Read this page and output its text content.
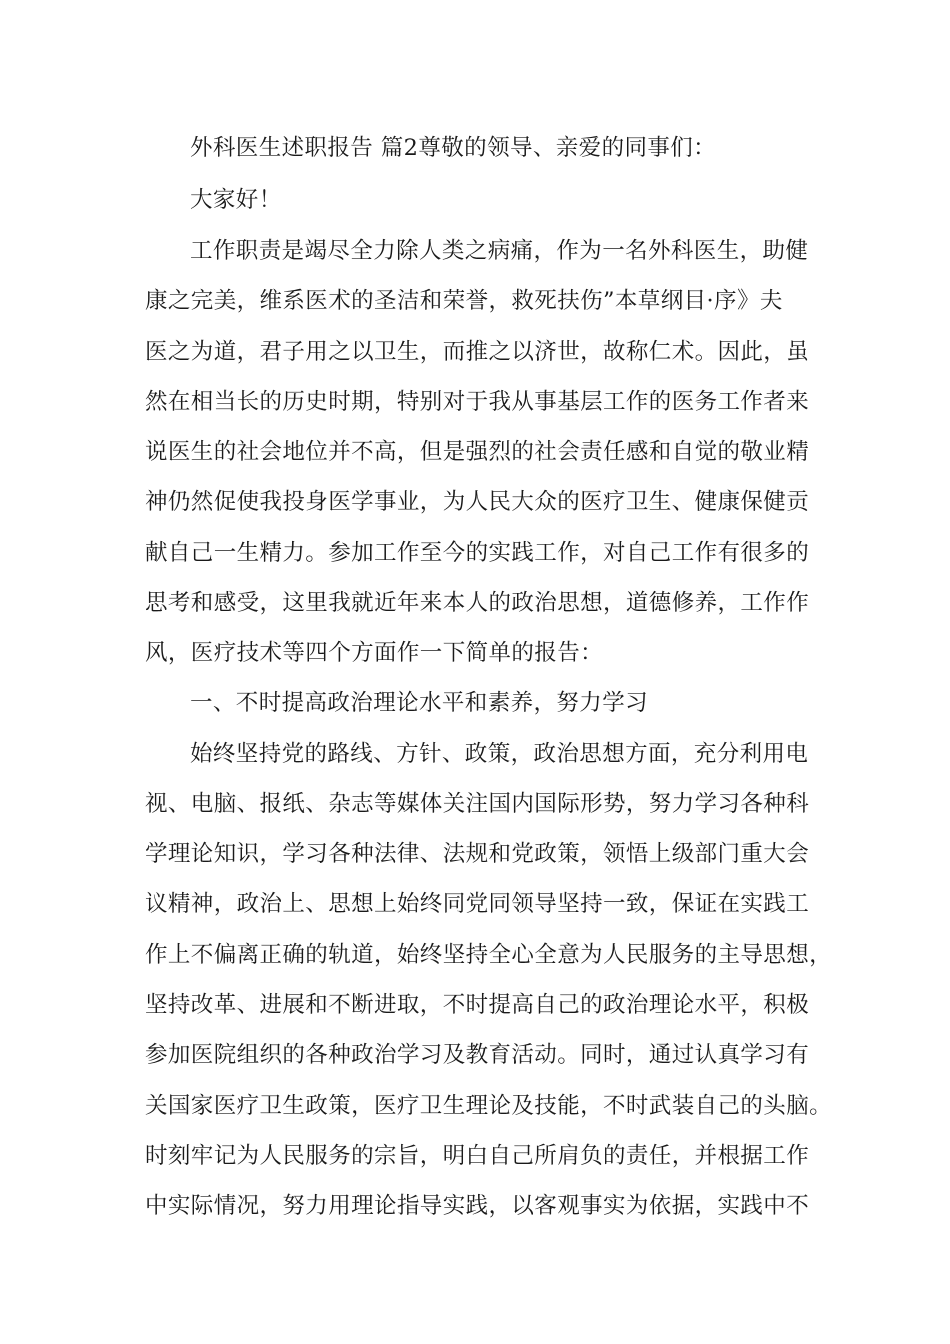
外科医生述职报告 篇2尊敬的领导、亲爱的同事们：

大家好！

工作职责是竭尽全力除人类之病痛，作为一名外科医生，助健

康之完美，维系医术的圣洁和荣誉，救死扶伤”本草纲目·序》夫

医之为道，君子用之以卫生，而推之以济世，故称仁术。因此，虽

然在相当长的历史时期，特别对于我从事基层工作的医务工作者来

说医生的社会地位并不高，但是强烈的社会责任感和自觉的敬业精

神仍然促使我投身医学事业，为人民大众的医疗卫生、健康保健贡

献自己一生精力。参加工作至今的实践工作，对自己工作有很多的

思考和感受，这里我就近年来本人的政治思想，道德修养，工作作

风，医疗技术等四个方面作一下简单的报告：

一、不时提高政治理论水平和素养，努力学习

始终坚持党的路线、方针、政策，政治思想方面，充分利用电

视、电脑、报纸、杂志等媒体关注国内国际形势，努力学习各种科

学理论知识，学习各种法律、法规和党政策，领悟上级部门重大会

议精神，政治上、思想上始终同党同领导坚持一致，保证在实践工

作上不偏离正确的轨道，始终坚持全心全意为人民服务的主导思想，

坚持改革、进展和不断进取，不时提高自己的政治理论水平，积极

参加医院组织的各种政治学习及教育活动。同时，通过认真学习有

关国家医疗卫生政策，医疗卫生理论及技能，不时武装自己的头脑。

时刻牢记为人民服务的宗旨，明白自己所肩负的责任，并根据工作

中实际情况，努力用理论指导实践，以客观事实为依据，实践中不
